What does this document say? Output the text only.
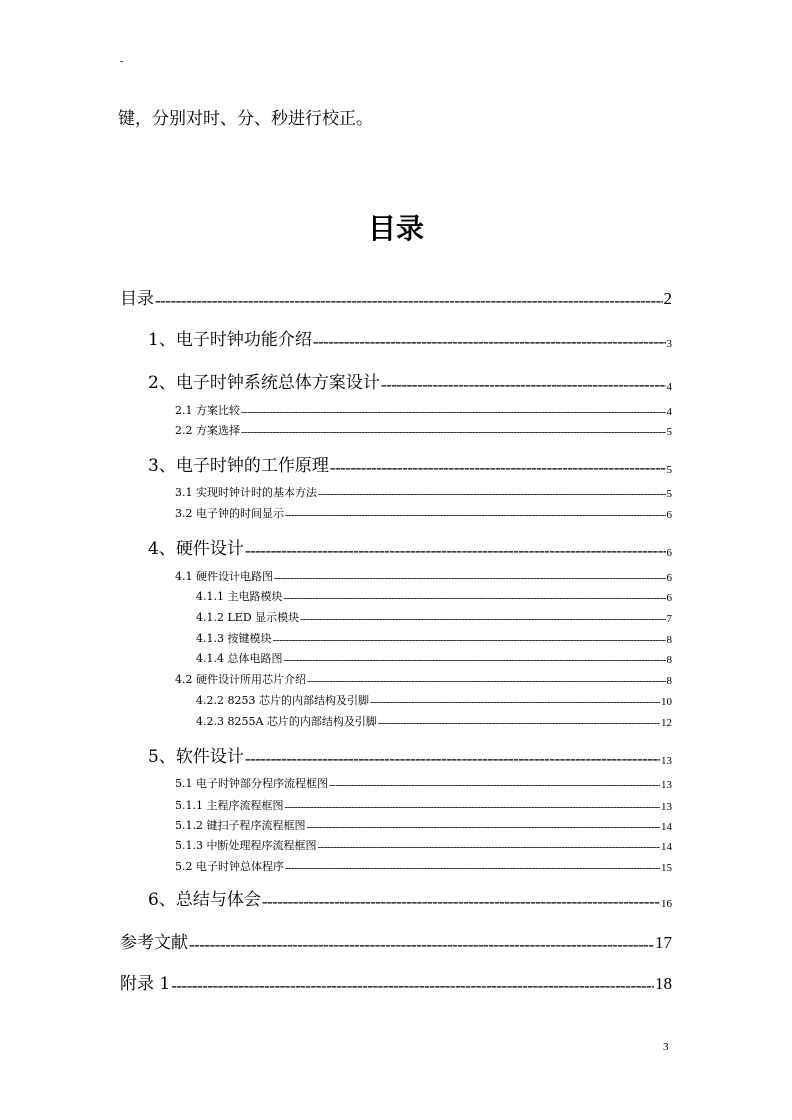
-
键，分别对时、分、秒进行校正。
目录
目录 -----	2
1、电子时钟功能介绍 -----	3
2、电子时钟系统总体方案设计 -----	4
2.1 方案比较 -----	4
2.2 方案选择 -----	5
3、电子时钟的工作原理 -----	5
3.1 实现时钟计时的基本方法 -----	5
3.2 电子钟的时间显示 -----	6
4、硬件设计 -----	6
4.1 硬件设计电路图 -----	6
4.1.1 主电路模块 -----	6
4.1.2 LED 显示模块 -----	7
4.1.3 按键模块 -----	8
4.1.4 总体电路图 -----	8
4.2 硬件设计所用芯片介绍 -----	8
4.2.2 8253 芯片的内部结构及引脚 -----	10
4.2.3 8255A 芯片的内部结构及引脚 -----	12
5、软件设计 -----	13
5.1 电子时钟部分程序流程框图 -----	13
5.1.1 主程序流程框图 -----	13
5.1.2 键扫子程序流程框图 -----	14
5.1.3 中断处理程序流程框图 -----	14
5.2 电子时钟总体程序 -----	15
6、总结与体会 -----	16
参考文献 -----	17
附录 1 -----	18
3
